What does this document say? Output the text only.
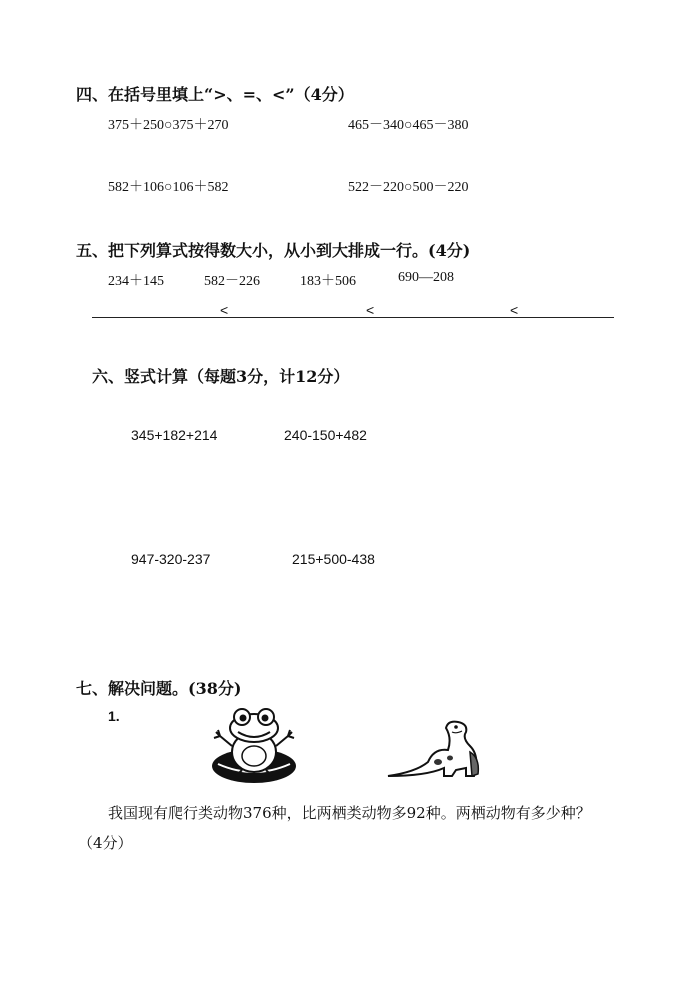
四、在括号里填上“>、=、<”（4分）
375＋250○375＋270	465－340○465－380
582＋106○106＋582	522－220○500－220
五、把下列算式按得数大小，从小到大排成一行。(4分)
234＋145	582－226	183＋506	690—208
<	<	<
六、竖式计算（每题3分，计12分）
345+182+214	240-150+482
947-320-237	215+500-438
七、解决问题。(38分)
1.
我国现有爬行类动物376种，比两栖类动物多92种。两栖动物有多少种？
（4分）
